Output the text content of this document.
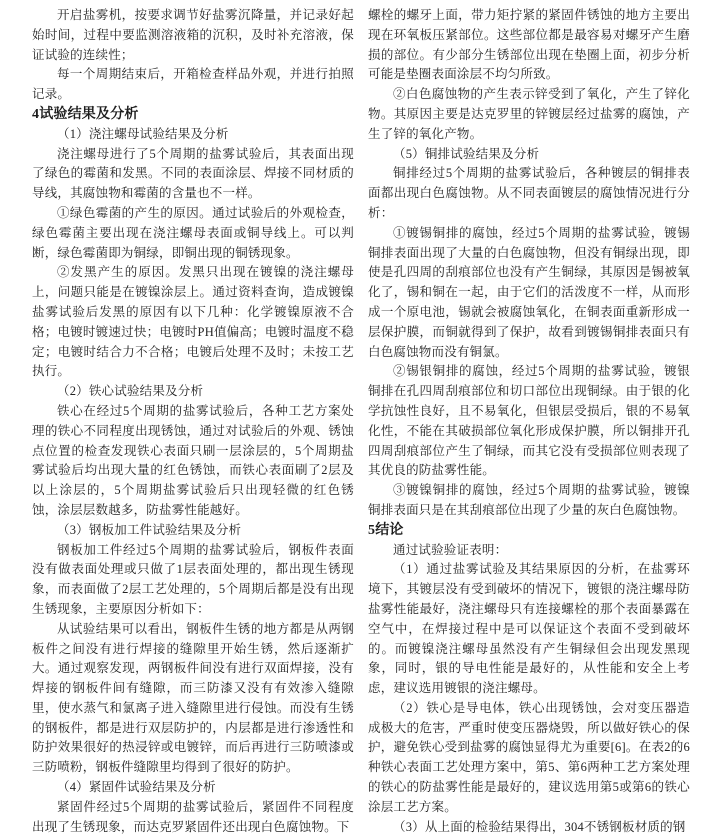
开启盐雾机，按要求调节好盐雾沉降量，并记录好起始时间，过程中要监测溶液箱的沉积，及时补充溶液，保证试验的连续性；

每一个周期结束后，开箱检查样品外观，并进行拍照记录。

4试验结果及分析

（1）浇注螺母试验结果及分析

浇注螺母进行了5个周期的盐雾试验后，其表面出现了绿色的霉菌和发黑。不同的表面涂层、焊接不同材质的导线，其腐蚀物和霉菌的含量也不一样。

①绿色霉菌的产生的原因。通过试验后的外观检查，绿色霉菌主要出现在浇注螺母表面或铜导线上。可以判断，绿色霉菌即为铜绿，即铜出现的铜锈现象。

②发黑产生的原因。发黑只出现在镀镍的浇注螺母上，问题只能是在镀镍涂层上。通过资料查询，造成镀镍盐雾试验后发黑的原因有以下几种：化学镀镍原液不合格；电镀时镀速过快；电镀时PH值偏高；电镀时温度不稳定；电镀时结合力不合格；电镀后处理不及时；未按工艺执行。

（2）铁心试验结果及分析

铁心在经过5个周期的盐雾试验后，各种工艺方案处理的铁心不同程度出现锈蚀，通过对试验后的外观、锈蚀点位置的检查发现铁心表面只刷一层涂层的，5个周期盐雾试验后均出现大量的红色锈蚀，而铁心表面刷了2层及以上涂层的，5个周期盐雾试验后只出现轻微的红色锈蚀，涂层层数越多，防盐雾性能越好。

（3）钢板加工件试验结果及分析

钢板加工件经过5个周期的盐雾试验后，钢板件表面没有做表面处理或只做了1层表面处理的，都出现生锈现象，而表面做了2层工艺处理的，5个周期后都是没有出现生锈现象，主要原因分析如下：

从试验结果可以看出，钢板件生锈的地方都是从两钢板件之间没有进行焊接的缝隙里开始生锈，然后逐渐扩大。通过观察发现，两钢板件间没有进行双面焊接，没有焊接的钢板件间有缝隙，而三防漆又没有有效渗入缝隙里，使水蒸气和氯离子进入缝隙里进行侵蚀。而没有生锈的钢板件，都是进行双层防护的，内层都是进行渗透性和防护效果很好的热浸锌或电镀锌，而后再进行三防喷漆或三防喷粉，钢板件缝隙里均得到了很好的防护。

（4）紧固件试验结果及分析

紧固件经过5个周期的盐雾试验后，紧固件不同程度出现了生锈现象，而达克罗紧固件还出现白色腐蚀物。下

螺栓的螺牙上面，带力矩拧紧的紧固件锈蚀的地方主要出现在环氧板压紧部位。这些部位都是最容易对螺牙产生磨损的部位。有少部分生锈部位出现在垫圈上面，初步分析可能是垫圈表面涂层不均匀所致。

②白色腐蚀物的产生表示锌受到了氧化，产生了锌化物。其原因主要是达克罗里的锌镀层经过盐雾的腐蚀，产生了锌的氧化产物。

（5）铜排试验结果及分析

铜排经过5个周期的盐雾试验后，各种镀层的铜排表面都出现白色腐蚀物。从不同表面镀层的腐蚀情况进行分析：

①镀锡铜排的腐蚀，经过5个周期的盐雾试验，镀锡铜排表面出现了大量的白色腐蚀物，但没有铜绿出现，即使是孔四周的刮痕部位也没有产生铜绿，其原因是锡被氧化了，锡和铜在一起，由于它们的活泼度不一样，从而形成一个原电池，锡就会被腐蚀氧化，在铜表面重新形成一层保护膜，而铜就得到了保护，故看到镀锡铜排表面只有白色腐蚀物而没有铜氯。

②锡银铜排的腐蚀，经过5个周期的盐雾试验，镀银铜排在孔四周刮痕部位和切口部位出现铜绿。由于银的化学抗蚀性良好，且不易氧化，但银层受损后，银的不易氧化性，不能在其破损部位氧化形成保护膜，所以铜排开孔四周刮痕部位产生了铜绿，而其它没有受损部位则表现了其优良的防盐雾性能。

③镀镍铜排的腐蚀，经过5个周期的盐雾试验，镀镍铜排表面只是在其刮痕部位出现了少量的灰白色腐蚀物。

5结论

通过试验验证表明：

（1）通过盐雾试验及其结果原因的分析，在盐雾环境下，其镀层没有受到破坏的情况下，镀银的浇注螺母防盐雾性能最好，浇注螺母只有连接螺栓的那个表面暴露在空气中，在焊接过程中是可以保证这个表面不受到破坏的。而镀镍浇注螺母虽然没有产生铜绿但会出现发黑现象，同时，银的导电性能是最好的，从性能和安全上考虑，建议选用镀银的浇注螺母。

（2）铁心是导电体，铁心出现锈蚀，会对变压器造成极大的危害，严重时使变压器烧毁，所以做好铁心的保护，避免铁心受到盐雾的腐蚀显得尤为重要[6]。在表2的6种铁心表面工艺处理方案中，第5、第6两种工艺方案处理的铁心的防盐雾性能是最好的，建议选用第5或第6的铁心涂层工艺方案。

（3）从上面的检验结果得出，304不锈钢板材质的钢
